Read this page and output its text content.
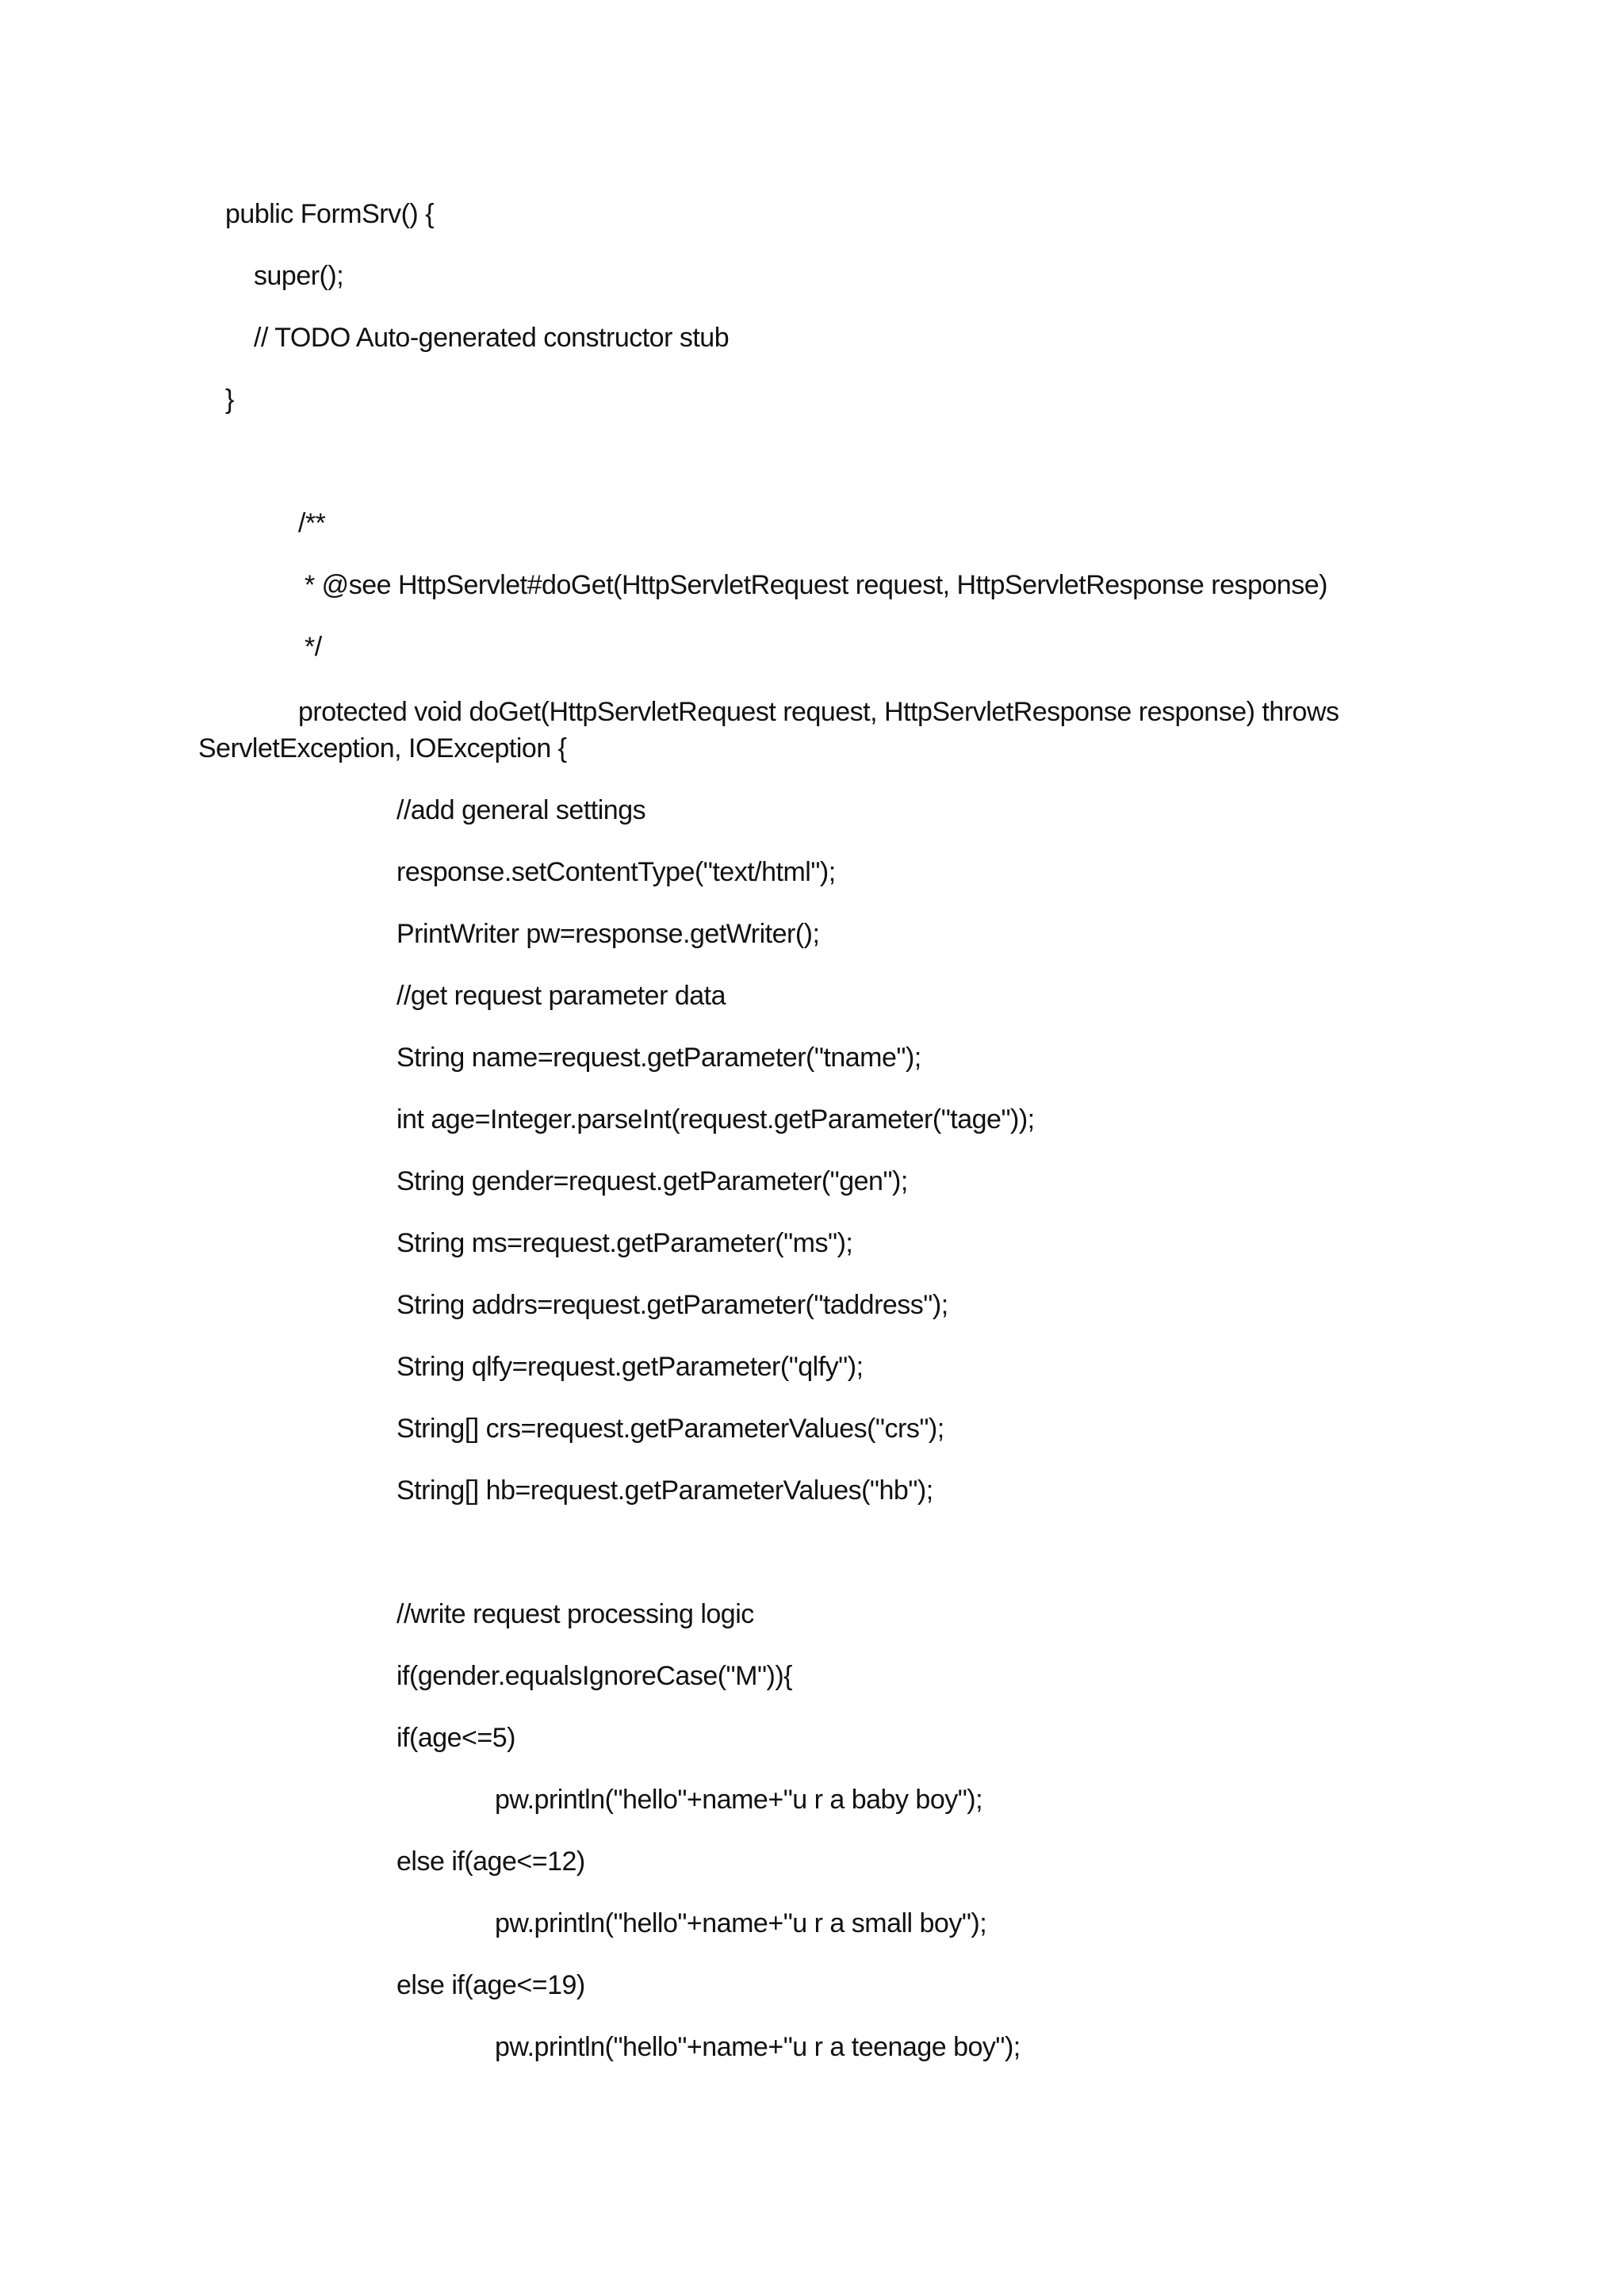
public FormSrv() {
super();
// TODO Auto-generated constructor stub
}
/**
* @see HttpServlet#doGet(HttpServletRequest request, HttpServletResponse response)
*/
protected void doGet(HttpServletRequest request, HttpServletResponse response) throws
ServletException, IOException {
//add general settings
response.setContentType("text/html");
PrintWriter pw=response.getWriter();
//get request parameter data
String name=request.getParameter("tname");
int age=Integer.parseInt(request.getParameter("tage"));
String gender=request.getParameter("gen");
String ms=request.getParameter("ms");
String addrs=request.getParameter("taddress");
String qlfy=request.getParameter("qlfy");
String[] crs=request.getParameterValues("crs");
String[] hb=request.getParameterValues("hb");
//write request processing logic
if(gender.equalsIgnoreCase("M")){
if(age<=5)
pw.println("hello"+name+"u r a baby boy");
else if(age<=12)
pw.println("hello"+name+"u r a small boy");
else if(age<=19)
pw.println("hello"+name+"u r a teenage boy");
